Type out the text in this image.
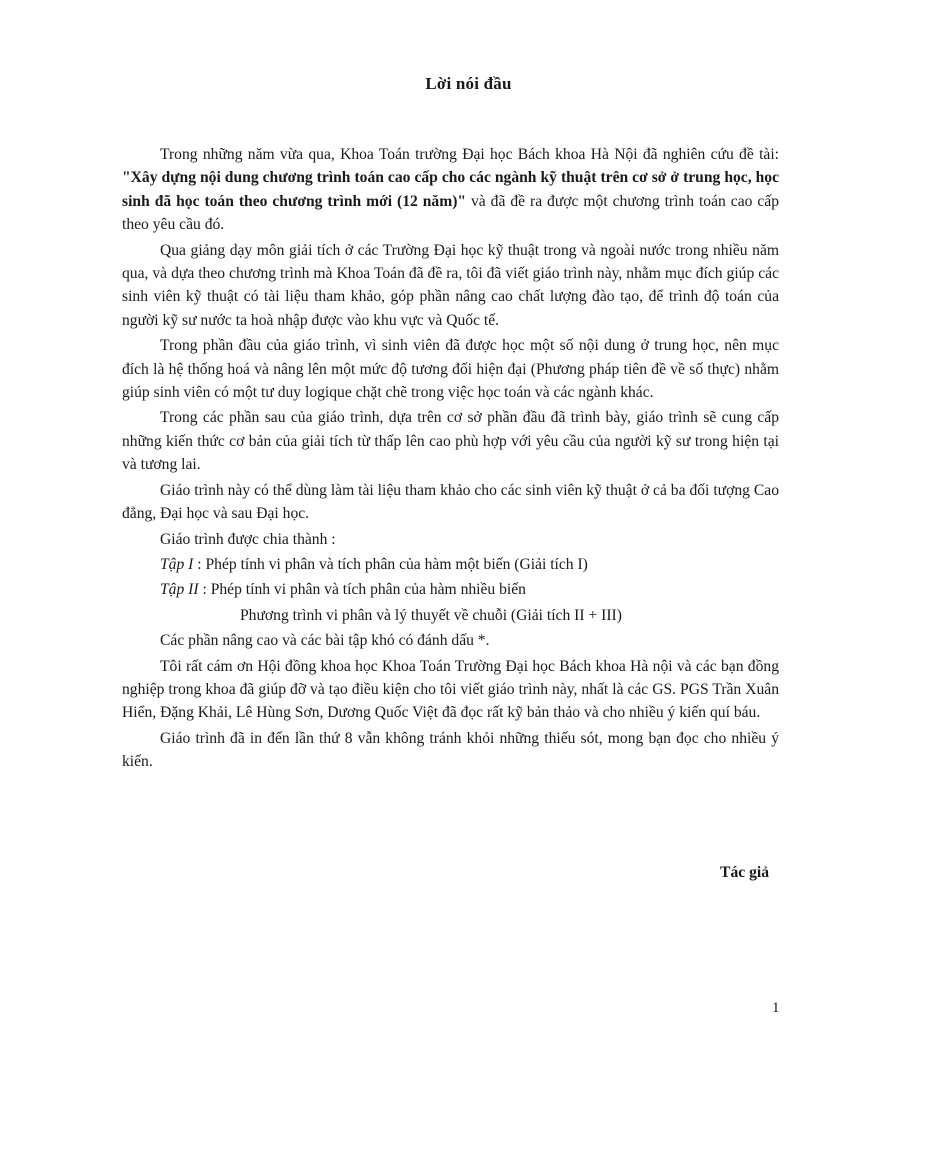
Lời nói đầu

Trong những năm vừa qua, Khoa Toán trường Đại học Bách khoa Hà Nội đã nghiên cứu đề tài: "Xây dựng nội dung chương trình toán cao cấp cho các ngành kỹ thuật trên cơ sở ở trung học, học sinh đã học toán theo chương trình mới (12 năm)" và đã đề ra được một chương trình toán cao cấp theo yêu cầu đó.

Qua giảng dạy môn giải tích ở các Trường Đại học kỹ thuật trong và ngoài nước trong nhiều năm qua, và dựa theo chương trình mà Khoa Toán đã đề ra, tôi đã viết giáo trình này, nhằm mục đích giúp các sinh viên kỹ thuật có tài liệu tham khảo, góp phần nâng cao chất lượng đào tạo, để trình độ toán của người kỹ sư nước ta hoà nhập được vào khu vực và Quốc tế.

Trong phần đầu của giáo trình, vì sinh viên đã được học một số nội dung ở trung học, nên mục đích là hệ thống hoá và nâng lên một mức độ tương đối hiện đại (Phương pháp tiên đề về số thực) nhằm giúp sinh viên có một tư duy logique chặt chẽ trong việc học toán và các ngành khác.

Trong các phần sau của giáo trình, dựa trên cơ sở phần đầu đã trình bày, giáo trình sẽ cung cấp những kiến thức cơ bản của giải tích từ thấp lên cao phù hợp với yêu cầu của người kỹ sư trong hiện tại và tương lai.

Giáo trình này có thể dùng làm tài liệu tham khảo cho các sinh viên kỹ thuật ở cả ba đối tượng Cao đẳng, Đại học và sau Đại học.

Giáo trình được chia thành :

Tập I : Phép tính vi phân và tích phân của hàm một biến (Giải tích I)

Tập II : Phép tính vi phân và tích phân của hàm nhiều biến

Phương trình vi phân và lý thuyết về chuỗi (Giải tích II + III)

Các phần nâng cao và các bài tập khó có đánh dấu *.

Tôi rất cám ơn Hội đồng khoa học Khoa Toán Trường Đại học Bách khoa Hà nội và các bạn đồng nghiệp trong khoa đã giúp đỡ và tạo điều kiện cho tôi viết giáo trình này, nhất là các GS. PGS Trần Xuân Hiển, Đặng Khải, Lê Hùng Sơn, Dương Quốc Việt đã đọc rất kỹ bản thảo và cho nhiều ý kiến quí báu.

Giáo trình đã in đến lần thứ 8 vẫn không tránh khỏi những thiếu sót, mong bạn đọc cho nhiều ý kiến.

Tác giả
1
